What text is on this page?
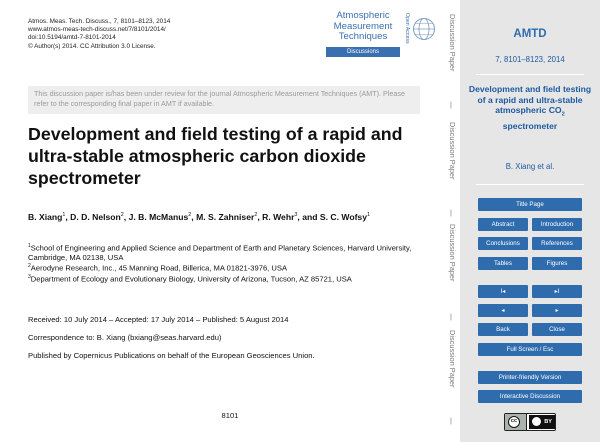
Atmos. Meas. Tech. Discuss., 7, 8101–8123, 2014
www.atmos-meas-tech-discuss.net/7/8101/2014/
doi:10.5194/amtd-7-8101-2014
© Author(s) 2014. CC Attribution 3.0 License.
Atmospheric
Measurement
Techniques
Discussions
Open Access
This discussion paper is/has been under review for the journal Atmospheric Measurement Techniques (AMT). Please refer to the corresponding final paper in AMT if available.
Development and field testing of a rapid and ultra-stable atmospheric carbon dioxide spectrometer
B. Xiang$^1$, D. D. Nelson$^2$, J. B. McManus$^2$, M. S. Zahniser$^2$, R. Wehr$^3$, and S. C. Wofsy$^1$
$^1$School of Engineering and Applied Science and Department of Earth and Planetary Sciences, Harvard University, Cambridge, MA 02138, USA
$^2$Aerodyne Research, Inc., 45 Manning Road, Billerica, MA 01821-3976, USA
$^3$Department of Ecology and Evolutionary Biology, University of Arizona, Tucson, AZ 85721, USA
Received: 10 July 2014 – Accepted: 17 July 2014 – Published: 5 August 2014
Correspondence to: B. Xiang (bxiang@seas.harvard.edu)
Published by Copernicus Publications on behalf of the European Geosciences Union.
8101
Discussion Paper
|
Discussion Paper
|
Discussion Paper
|
Discussion Paper
|
AMTD
7, 8101–8123, 2014
Development and field testing of a rapid and ultra-stable atmospheric $CO_2$ spectrometer
B. Xiang et al.
Title Page
Abstract	Introduction
Conclusions	References
Tables	Figures
I◂	▸I
◂	▸
Back	Close
Full Screen / Esc
Printer-friendly Version
Interactive Discussion
cc	BY
